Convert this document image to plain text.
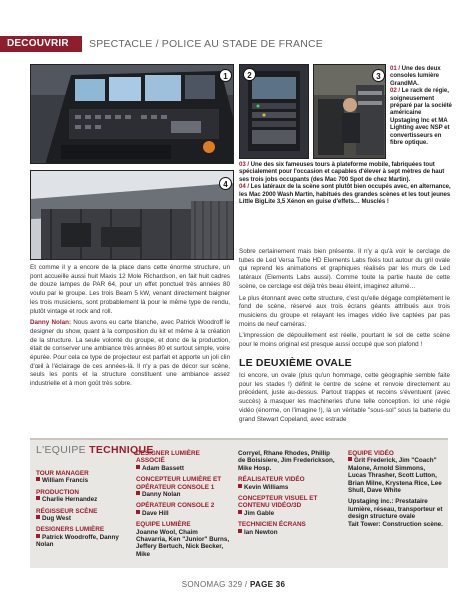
DECOUVRIR	SPECTACLE / POLICE AU STADE DE FRANCE
1	2	3
01 / Une des deux consoles lumière GrandMA.
02 / Le rack de régie, soigneusement préparé par la société américaine Upstaging Inc et MA Lighting avec NSP et convertisseurs en fibre optique.
03 / Une des six fameuses tours à plateforme mobile, fabriquées tout spécialement pour l'occasion et capables d'élever à sept mètres de haut ses trois jobs occupants (des Mac 700 Spot de chez Martin).
04 / Les latéraux de la scène sont plutôt bien occupés avec, en alternance, les Mac 2000 Wash Martin, habitués des grandes scènes et les tout jeunes Little BigLite 3,5 Xénon en guise d'effets… Musclés !
4

Et comme il y a encore de la place dans cette énorme structure, un pont accueille aussi huit Maxis 12 Mole Richardson, en fait huit cadres de douze lampes de PAR 64, pour un effet ponctuel très années 80 voulu par le groupe. Les trois Beam 5 kW, venant directement baigner les trois musiciens, sont probablement là pour le même type de rendu, plutôt vintage et rock and roll.

Danny Nolan: Nous avons eu carte blanche, avec Patrick Woodroff le designer du show, quant à la composition du kit et même à la création de la structure. La seule volonté du groupe, et donc de la production, était de conserver une ambiance très années 80 et surtout simple, voire épurée. Pour cela ce type de projecteur est parfait et apporte un joli clin d'œil à l'éclairage de ces années-là. Il n'y a pas de décor sur scène, seuls les ponts et la structure constituent une ambiance assez industrielle et à mon goût très sobre.

Sobre certainement mais bien présente. Il n'y a qu'à voir le cerclage de tubes de Led Versa Tube HD Elements Labs fixés tout autour du gril ovale qui reprend les animations et graphiques réalisés par les murs de Led latéraux (Elements Labs aussi). Comme toute la partie haute de cette scène, ce cerclage est déjà très beau éteint, imaginez allumé…

Le plus étonnant avec cette structure, c'est qu'elle dégage complètement le fond de scène, réservé aux trois écrans géants attribués aux trois musiciens du groupe et relayant les images vidéo live captées par pas moins de neuf caméras.

L'impression de dépouillement est réelle, pourtant le sol de cette scène pour le moins original est presque aussi occupé que son plafond !

LE DEUXIÈME OVALE

Ici encore, un ovale (plus qu'un hommage, cette géographie semble faite pour les stades !) définit le centre de scène et renvoie directement au précédent, juste au-dessus. Partout trappes et recoins s'éventuent (avec succès) à masquer les machineries d'une telle conception. Ici une régie vidéo (énorme, on l'imagine !), là un véritable "sous-sol" sous la batterie du grand Stewart Copeland, avec estrade

L'EQUIPE TECHNIQUE
TOUR MANAGER
William Francis
PRODUCTION
Charlie Hernandez
RÉGISSEUR SCÈNE
Dug West
DESIGNERS LUMIÈRE
Patrick Woodroffe, Danny Nolan
DESIGNER LUMIÈRE ASSOCIÉ
Adam Bassett
CONCEPTEUR LUMIÈRE ET OPÉRATEUR CONSOLE 1
Danny Nolan
OPÉRATEUR CONSOLE 2
Dave Hill
EQUIPE LUMIÈRE
Joanne Wool, Chaim Chavarria, Ken "Junior" Burns, Jeffery Bertuch, Nick Becker, Mike
Corryel, Rhane Rhodes, Phillip de Boisisiere, Jim Frederickson, Mike Hosp.
RÉALISATEUR VIDÉO
Kevin Williams
CONCEPTEUR VISUEL ET CONTENU VIDÉO/3D
Jim Gable
TECHNICIEN ÉCRANS
Ian Newton
EQUIPE VIDÉO
Grit Frederick, Jim "Coach" Malone, Arnold Simmons, Lucas Thrasher, Scott Lutton, Brian Milne, Krystena Rice, Lee Shull, Dave White
Upstaging inc.: Prestataire lumière, réseau, transporteur et design structure ovale
Tait Tower: Construction scène.
SONOMAG 329 / PAGE 36
